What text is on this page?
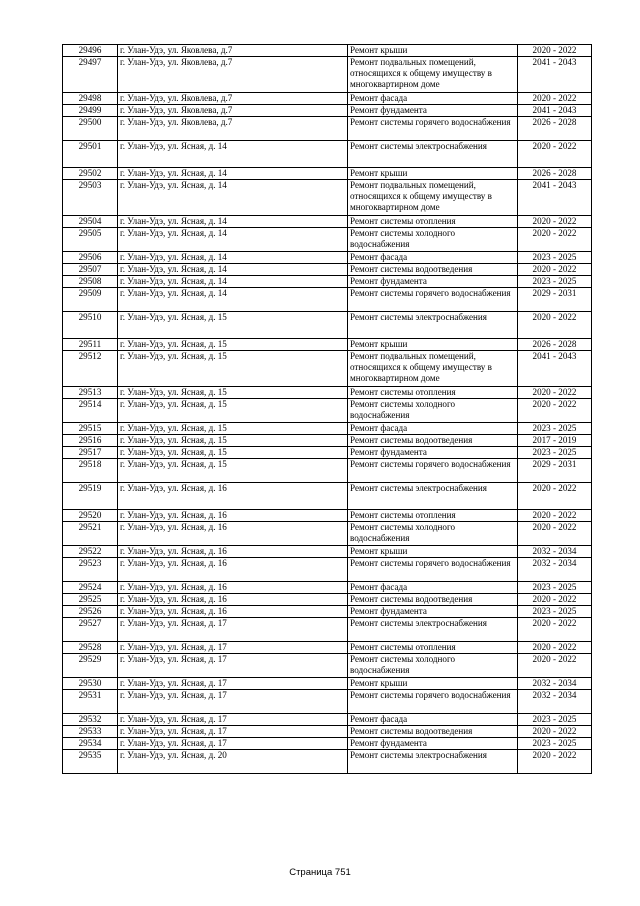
29496	г. Улан-Удэ, ул. Яковлева, д.7	Ремонт крыши	2020 - 2022
29497	г. Улан-Удэ, ул. Яковлева, д.7	Ремонт подвальных помещений, относящихся к общему имуществу в многоквартирном доме	2041 - 2043
29498	г. Улан-Удэ, ул. Яковлева, д.7	Ремонт фасада	2020 - 2022
29499	г. Улан-Удэ, ул. Яковлева, д.7	Ремонт фундамента	2041 - 2043
29500	г. Улан-Удэ, ул. Яковлева, д.7	Ремонт системы горячего водоснабжения	2026 - 2028
29501	г. Улан-Удэ, ул. Ясная, д. 14	Ремонт системы электроснабжения	2020 - 2022
29502	г. Улан-Удэ, ул. Ясная, д. 14	Ремонт крыши	2026 - 2028
29503	г. Улан-Удэ, ул. Ясная, д. 14	Ремонт подвальных помещений, относящихся к общему имуществу в многоквартирном доме	2041 - 2043
29504	г. Улан-Удэ, ул. Ясная, д. 14	Ремонт системы отопления	2020 - 2022
29505	г. Улан-Удэ, ул. Ясная, д. 14	Ремонт системы холодного водоснабжения	2020 - 2022
29506	г. Улан-Удэ, ул. Ясная, д. 14	Ремонт фасада	2023 - 2025
29507	г. Улан-Удэ, ул. Ясная, д. 14	Ремонт системы водоотведения	2020 - 2022
29508	г. Улан-Удэ, ул. Ясная, д. 14	Ремонт фундамента	2023 - 2025
29509	г. Улан-Удэ, ул. Ясная, д. 14	Ремонт системы горячего водоснабжения	2029 - 2031
29510	г. Улан-Удэ, ул. Ясная, д. 15	Ремонт системы электроснабжения	2020 - 2022
29511	г. Улан-Удэ, ул. Ясная, д. 15	Ремонт крыши	2026 - 2028
29512	г. Улан-Удэ, ул. Ясная, д. 15	Ремонт подвальных помещений, относящихся к общему имуществу в многоквартирном доме	2041 - 2043
29513	г. Улан-Удэ, ул. Ясная, д. 15	Ремонт системы отопления	2020 - 2022
29514	г. Улан-Удэ, ул. Ясная, д. 15	Ремонт системы холодного водоснабжения	2020 - 2022
29515	г. Улан-Удэ, ул. Ясная, д. 15	Ремонт фасада	2023 - 2025
29516	г. Улан-Удэ, ул. Ясная, д. 15	Ремонт системы водоотведения	2017 - 2019
29517	г. Улан-Удэ, ул. Ясная, д. 15	Ремонт фундамента	2023 - 2025
29518	г. Улан-Удэ, ул. Ясная, д. 15	Ремонт системы горячего водоснабжения	2029 - 2031
29519	г. Улан-Удэ, ул. Ясная, д. 16	Ремонт системы электроснабжения	2020 - 2022
29520	г. Улан-Удэ, ул. Ясная, д. 16	Ремонт системы отопления	2020 - 2022
29521	г. Улан-Удэ, ул. Ясная, д. 16	Ремонт системы холодного водоснабжения	2020 - 2022
29522	г. Улан-Удэ, ул. Ясная, д. 16	Ремонт крыши	2032 - 2034
29523	г. Улан-Удэ, ул. Ясная, д. 16	Ремонт системы горячего водоснабжения	2032 - 2034
29524	г. Улан-Удэ, ул. Ясная, д. 16	Ремонт фасада	2023 - 2025
29525	г. Улан-Удэ, ул. Ясная, д. 16	Ремонт системы водоотведения	2020 - 2022
29526	г. Улан-Удэ, ул. Ясная, д. 16	Ремонт фундамента	2023 - 2025
29527	г. Улан-Удэ, ул. Ясная, д. 17	Ремонт системы электроснабжения	2020 - 2022
29528	г. Улан-Удэ, ул. Ясная, д. 17	Ремонт системы отопления	2020 - 2022
29529	г. Улан-Удэ, ул. Ясная, д. 17	Ремонт системы холодного водоснабжения	2020 - 2022
29530	г. Улан-Удэ, ул. Ясная, д. 17	Ремонт крыши	2032 - 2034
29531	г. Улан-Удэ, ул. Ясная, д. 17	Ремонт системы горячего водоснабжения	2032 - 2034
29532	г. Улан-Удэ, ул. Ясная, д. 17	Ремонт фасада	2023 - 2025
29533	г. Улан-Удэ, ул. Ясная, д. 17	Ремонт системы водоотведения	2020 - 2022
29534	г. Улан-Удэ, ул. Ясная, д. 17	Ремонт фундамента	2023 - 2025
29535	г. Улан-Удэ, ул. Ясная, д. 20	Ремонт системы электроснабжения	2020 - 2022
Страница 751
